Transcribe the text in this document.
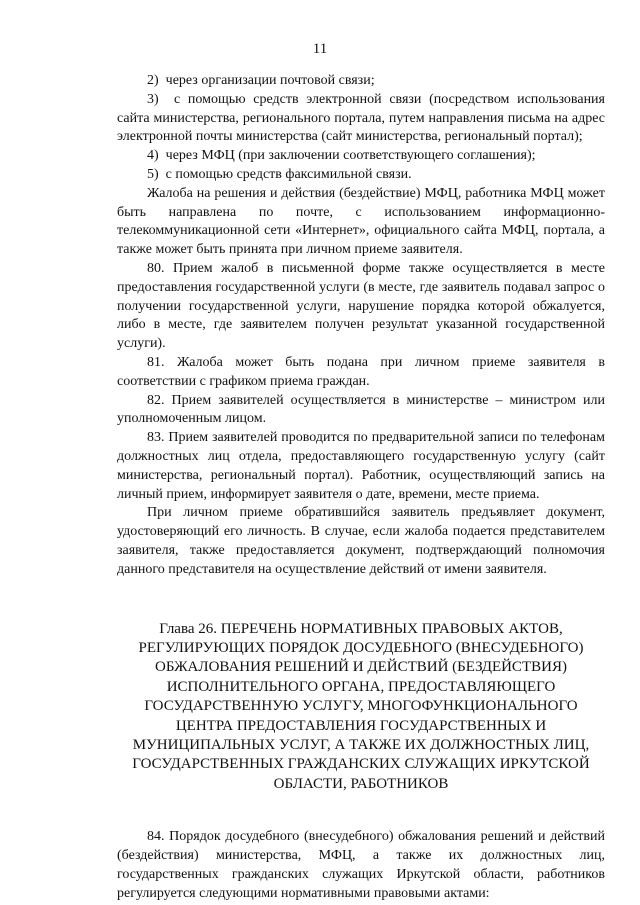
11

2)  через организации почтовой связи;

3)  с помощью средств электронной связи (посредством использования сайта министерства, регионального портала, путем направления письма на адрес электронной почты министерства (сайт министерства, региональный портал);

4)  через МФЦ (при заключении соответствующего соглашения);

5)  с помощью средств факсимильной связи.

Жалоба на решения и действия (бездействие) МФЦ, работника МФЦ может быть направлена по почте, с использованием информационно-телекоммуникационной сети «Интернет», официального сайта МФЦ, портала, а также может быть принята при личном приеме заявителя.

80. Прием жалоб в письменной форме также осуществляется в месте предоставления государственной услуги (в месте, где заявитель подавал запрос о получении государственной услуги, нарушение порядка которой обжалуется, либо в месте, где заявителем получен результат указанной государственной услуги).

81. Жалоба может быть подана при личном приеме заявителя в соответствии с графиком приема граждан.

82. Прием заявителей осуществляется в министерстве – министром или уполномоченным лицом.

83. Прием заявителей проводится по предварительной записи по телефонам должностных лиц отдела, предоставляющего государственную услугу (сайт министерства, региональный портал). Работник, осуществляющий запись на личный прием, информирует заявителя о дате, времени, месте приема.

При личном приеме обратившийся заявитель предъявляет документ, удостоверяющий его личность. В случае, если жалоба подается представителем заявителя, также предоставляется документ, подтверждающий полномочия данного представителя на осуществление действий от имени заявителя.

Глава 26. ПЕРЕЧЕНЬ НОРМАТИВНЫХ ПРАВОВЫХ АКТОВ, РЕГУЛИРУЮЩИХ ПОРЯДОК ДОСУДЕБНОГО (ВНЕСУДЕБНОГО) ОБЖАЛОВАНИЯ РЕШЕНИЙ И ДЕЙСТВИЙ (БЕЗДЕЙСТВИЯ) ИСПОЛНИТЕЛЬНОГО ОРГАНА, ПРЕДОСТАВЛЯЮЩЕГО ГОСУДАРСТВЕННУЮ УСЛУГУ, МНОГОФУНКЦИОНАЛЬНОГО ЦЕНТРА ПРЕДОСТАВЛЕНИЯ ГОСУДАРСТВЕННЫХ И МУНИЦИПАЛЬНЫХ УСЛУГ, А ТАКЖЕ ИХ ДОЛЖНОСТНЫХ ЛИЦ, ГОСУДАРСТВЕННЫХ ГРАЖДАНСКИХ СЛУЖАЩИХ ИРКУТСКОЙ ОБЛАСТИ, РАБОТНИКОВ

84. Порядок досудебного (внесудебного) обжалования решений и действий (бездействия) министерства, МФЦ, а также их должностных лиц, государственных гражданских служащих Иркутской области, работников регулируется следующими нормативными правовыми актами:
